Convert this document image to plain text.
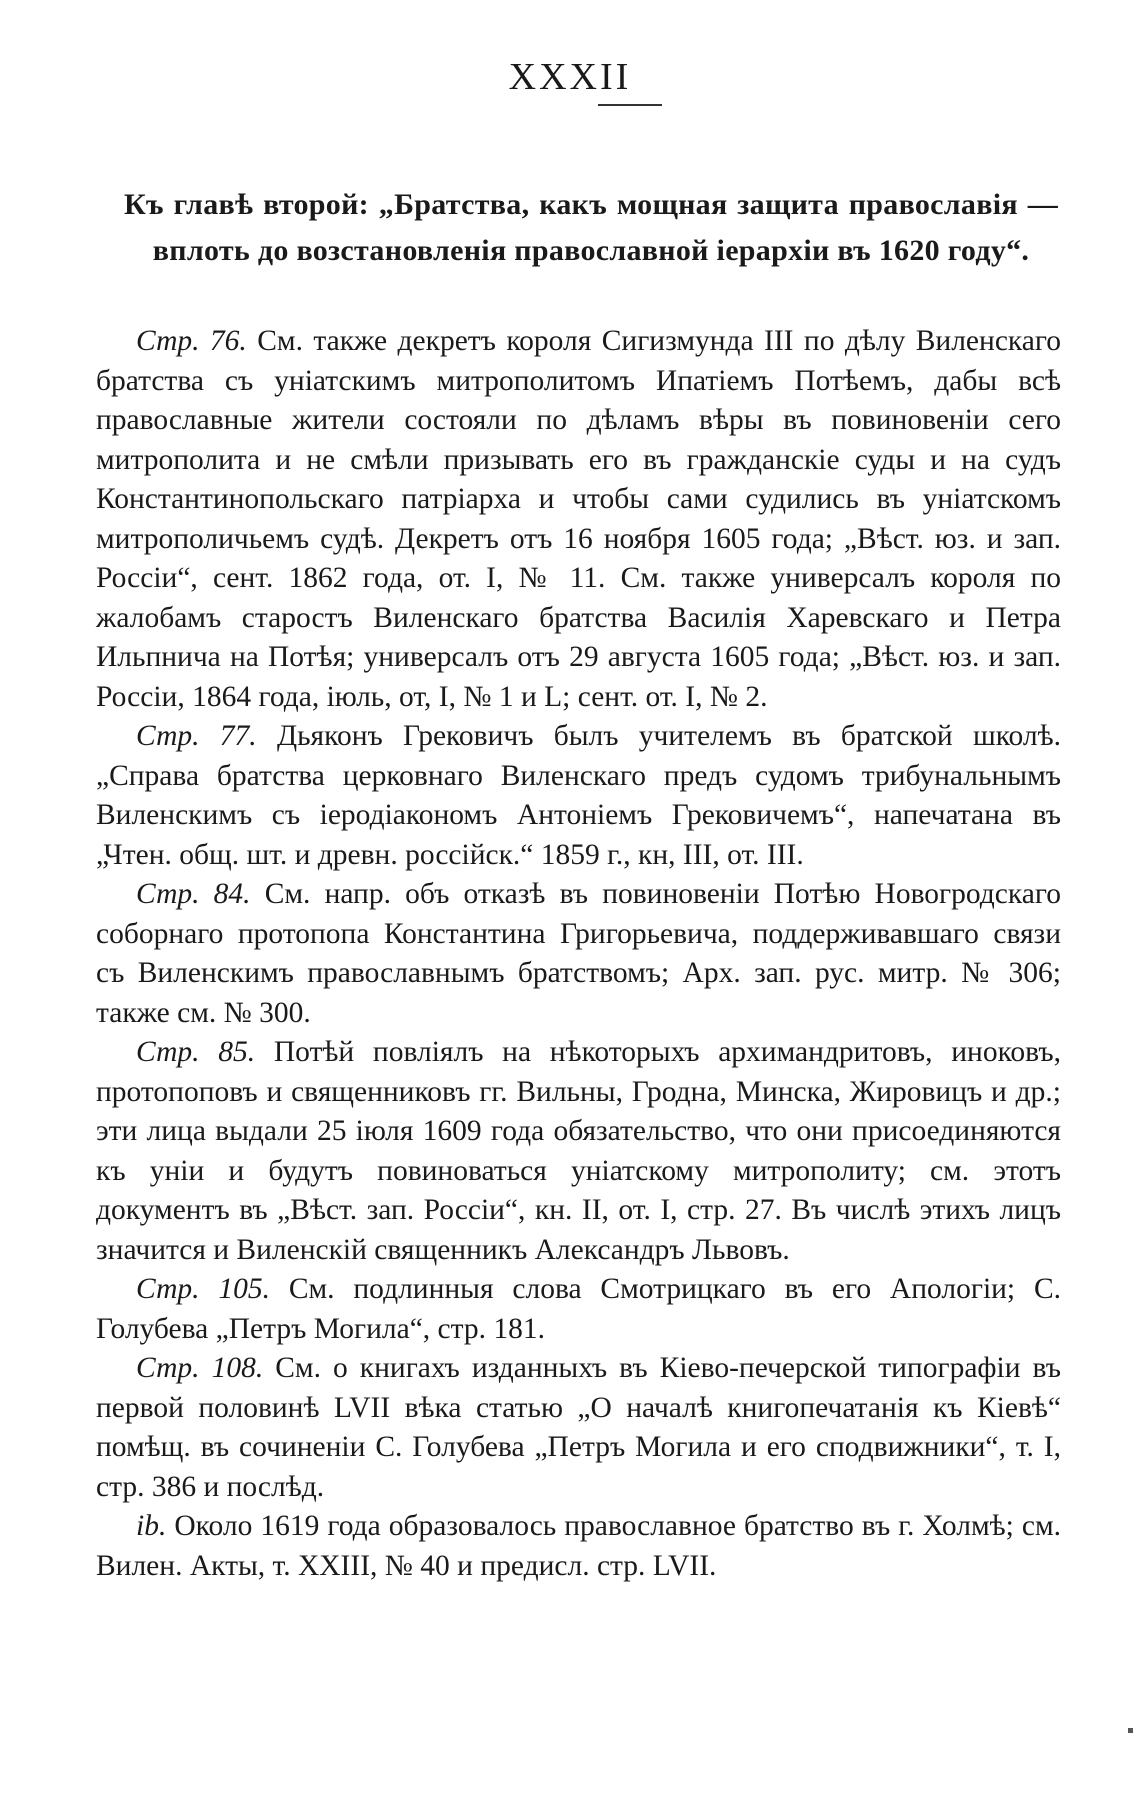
XXXII
Къ главѣ второй: „Братства, какъ мощная защита православія — вплоть до возстановленія православной іерархіи въ 1620 году“.

Стр. 76. См. также декретъ короля Сигизмунда III по дѣлу Виленскаго братства съ уніатскимъ митрополитомъ Ипатіемъ Потѣемъ, дабы всѣ православные жители состояли по дѣламъ вѣры въ повиновеніи сего митрополита и не смѣли призывать его въ гражданскіе суды и на судъ Константинопольскаго патріарха и чтобы сами судились въ уніатскомъ митрополичьемъ судѣ. Декретъ отъ 16 ноября 1605 года; „Вѣст. юз. и зап. Россіи“, сент. 1862 года, от. I, № 11. См. также универсалъ короля по жалобамъ старостъ Виленскаго братства Василія Харевскаго и Петра Ильпнича на Потѣя; универсалъ отъ 29 августа 1605 года; „Вѣст. юз. и зап. Россіи, 1864 года, іюль, от, I, № 1 и L; сент. от. I, № 2.

Стр. 77. Дьяконъ Грековичъ былъ учителемъ въ братской школѣ. „Справа братства церковнаго Виленскаго предъ судомъ трибунальнымъ Виленскимъ съ іеродіакономъ Антоніемъ Грековичемъ“, напечатана въ „Чтен. общ. шт. и древн. россійск.“ 1859 г., кн, III, от. III.

Стр. 84. См. напр. объ отказѣ въ повиновеніи Потѣю Новогродскаго соборнаго протопопа Константина Григорьевича, поддерживавшаго связи съ Виленскимъ православнымъ братствомъ; Арх. зап. рус. митр. № 306; также см. № 300.

Стр. 85. Потѣй повліялъ на нѣкоторыхъ архимандритовъ, иноковъ, протопоповъ и священниковъ гг. Вильны, Гродна, Минска, Жировицъ и др.; эти лица выдали 25 іюля 1609 года обязательство, что они присоединяются къ уніи и будутъ повиноваться уніатскому митрополиту; см. этотъ документъ въ „Вѣст. зап. Россіи“, кн. II, от. I, стр. 27. Въ числѣ этихъ лицъ значится и Виленскій священникъ Александръ Львовъ.

Стр. 105. См. подлинныя слова Смотрицкаго въ его Апологіи; С. Голубева „Петръ Могила“, стр. 181.

Стр. 108. См. о книгахъ изданныхъ въ Кіево-печерской типографіи въ первой половинѣ LVII вѣка статью „О началѣ книгопечатанія къ Кіевѣ“ помѣщ. въ сочиненіи С. Голубева „Петръ Могила и его сподвижники“, т. I, стр. 386 и послѣд.

ib. Около 1619 года образовалось православное братство въ г. Холмѣ; см. Вилен. Акты, т. XXIII, № 40 и предисл. стр. LVII.
